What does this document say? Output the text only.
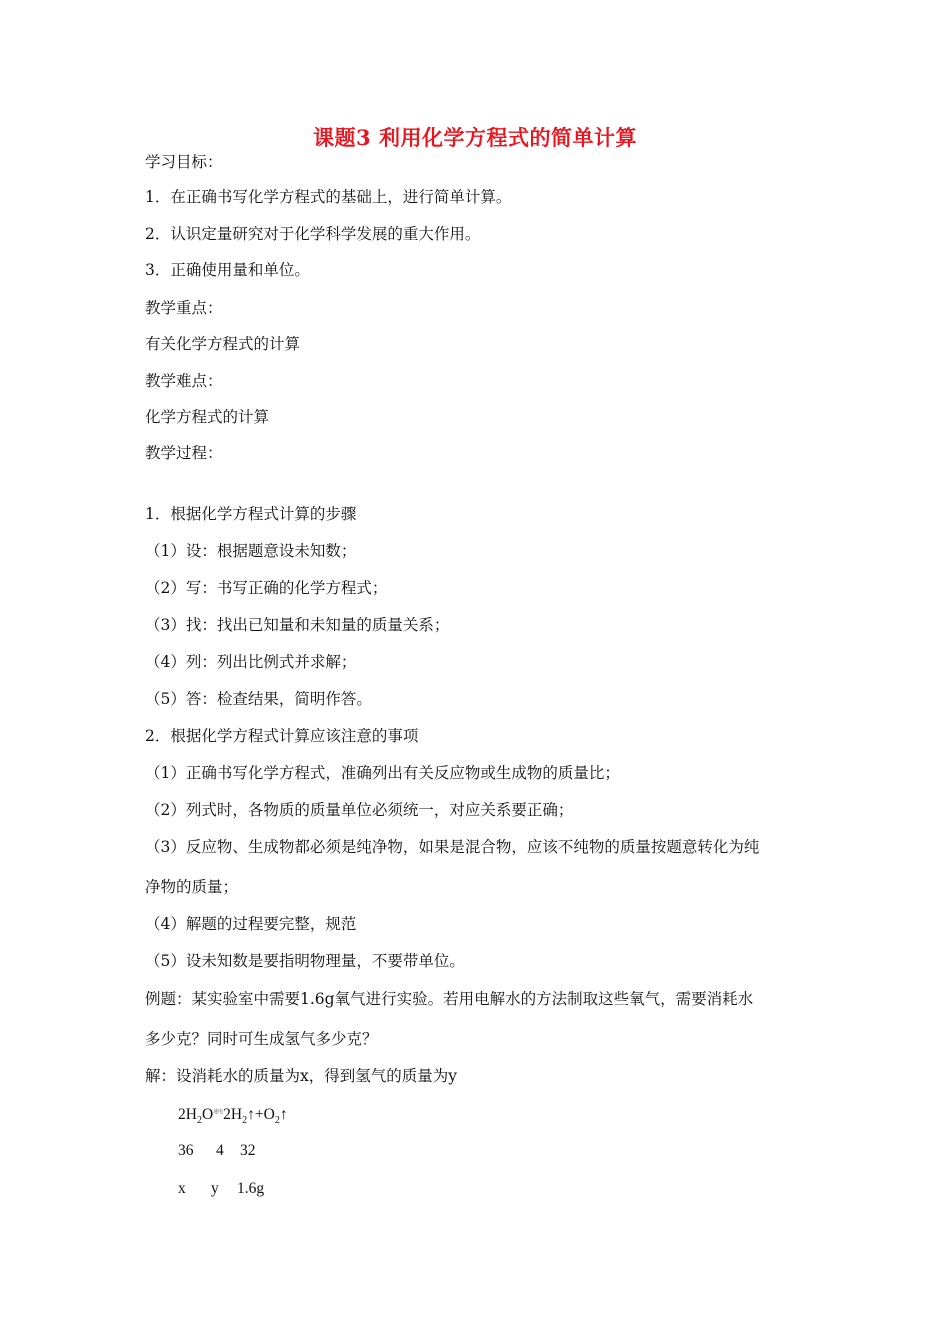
课题3 利用化学方程式的简单计算
学习目标：
1．在正确书写化学方程式的基础上，进行简单计算。
2．认识定量研究对于化学科学发展的重大作用。
3．正确使用量和单位。
教学重点：
有关化学方程式的计算
教学难点：
化学方程式的计算
教学过程：
1．根据化学方程式计算的步骤
（1）设：根据题意设未知数；
（2）写：书写正确的化学方程式；
（3）找：找出已知量和未知量的质量关系；
（4）列：列出比例式并求解；
（5）答：检查结果，简明作答。
2．根据化学方程式计算应该注意的事项
（1）正确书写化学方程式，准确列出有关反应物或生成物的质量比；
（2）列式时，各物质的质量单位必须统一，对应关系要正确；
（3）反应物、生成物都必须是纯净物，如果是混合物，应该不纯物的质量按题意转化为纯
净物的质量；
（4）解题的过程要完整，规范
（5）设未知数是要指明物理量，不要带单位。
例题：某实验室中需要1.6g氧气进行实验。若用电解水的方法制取这些氧气，需要消耗水
多少克？同时可生成氢气多少克？
解：设消耗水的质量为x，得到氢气的质量为y
$2H_2O^{通电}2H_2↑+O_2↑$
36 4 32
x y 1.6g
